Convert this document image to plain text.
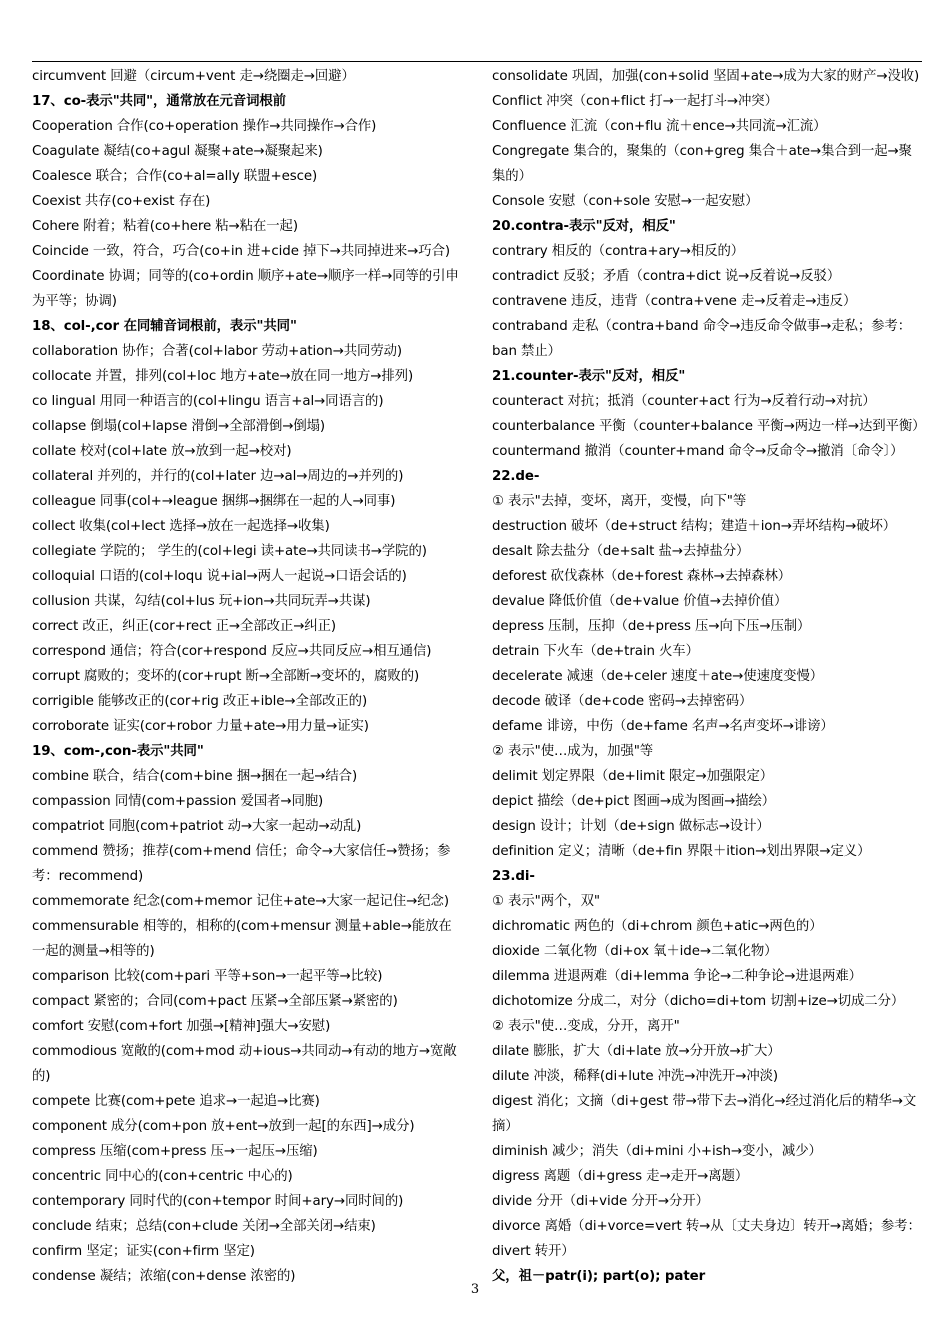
circumvent 回避（circum+vent 走→绕圈走→回避）
17、co-表示"共同"，通常放在元音词根前
Cooperation 合作(co+operation 操作→共同操作→合作)
Coagulate 凝结(co+agul 凝聚+ate→凝聚起来)
Coalesce 联合；合作(co+al=ally 联盟+esce)
Coexist 共存(co+exist 存在)
Cohere 附着；粘着(co+here 粘→粘在一起)
Coincide 一致，符合，巧合(co+in 进+cide 掉下→共同掉进来→巧合)
Coordinate 协调；同等的(co+ordin 顺序+ate→顺序一样→同等的引申为平等；协调)
18、col-,cor 在同辅音词根前，表示"共同"
collaboration 协作；合著(col+labor 劳动+ation→共同劳动)
collocate 并置，排列(col+loc 地方+ate→放在同一地方→排列)
co lingual 用同一种语言的(col+lingu 语言+al→同语言的)
collapse 倒塌(col+lapse 滑倒→全部滑倒→倒塌)
collate 校对(col+late 放→放到一起→校对)
collateral 并列的，并行的(col+later 边→al→周边的→并列的)
colleague 同事(col+→league 捆绑→捆绑在一起的人→同事)
collect 收集(col+lect 选择→放在一起选择→收集)
collegiate 学院的； 学生的(col+legi 读+ate→共同读书→学院的)
colloquial 口语的(col+loqu 说+ial→两人一起说→口语会话的)
collusion 共谋，勾结(col+lus 玩+ion→共同玩弄→共谋)
correct 改正，纠正(cor+rect 正→全部改正→纠正)
correspond 通信；符合(cor+respond 反应→共同反应→相互通信)
corrupt 腐败的；变坏的(cor+rupt 断→全部断→变坏的，腐败的)
corrigible 能够改正的(cor+rig 改正+ible→全部改正的)
corroborate 证实(cor+robor 力量+ate→用力量→证实)
19、com-,con-表示"共同"
combine 联合，结合(com+bine 捆→捆在一起→结合)
compassion 同情(com+passion 爱国者→同胞)
compatriot 同胞(com+patriot 动→大家一起动→动乱)
commend 赞扬；推荐(com+mend 信任；命令→大家信任→赞扬；参考：recommend)
commemorate 纪念(com+memor 记住+ate→大家一起记住→纪念)
commensurable 相等的，相称的(com+mensur 测量+able→能放在一起的测量→相等的)
comparison 比较(com+pari 平等+son→一起平等→比较)
compact 紧密的；合同(com+pact 压紧→全部压紧→紧密的)
comfort 安慰(com+fort 加强→[精神]强大→安慰)
commodious 宽敞的(com+mod 动+ious→共同动→有动的地方→宽敞的)
compete 比赛(com+pete 追求→一起追→比赛)
component 成分(com+pon 放+ent→放到一起[的东西]→成分)
compress 压缩(com+press 压→一起压→压缩)
concentric 同中心的(con+centric 中心的)
contemporary 同时代的(con+tempor 时间+ary→同时间的)
conclude 结束；总结(con+clude 关闭→全部关闭→结束)
confirm 坚定；证实(con+firm 坚定)
condense 凝结；浓缩(con+dense 浓密的)
consolidate 巩固，加强(con+solid 坚固+ate→成为大家的财产→没收)
Conflict 冲突（con+flict 打→一起打斗→冲突）
Confluence 汇流（con+flu 流＋ence→共同流→汇流）
Congregate 集合的，聚集的（con+greg 集合＋ate→集合到一起→聚集的）
Console 安慰（con+sole 安慰→一起安慰）
20.contra-表示"反对，相反"
contrary 相反的（contra+ary→相反的）
contradict 反驳；矛盾（contra+dict 说→反着说→反驳）
contravene 违反，违背（contra+vene 走→反着走→违反）
contraband 走私（contra+band 命令→违反命令做事→走私；参考：ban 禁止）
21.counter-表示"反对，相反"
counteract 对抗；抵消（counter+act 行为→反着行动→对抗）
counterbalance 平衡（counter+balance 平衡→两边一样→达到平衡）
countermand 撤消（counter+mand 命令→反命令→撤消〔命令〕）
22.de-
① 表示"去掉，变坏，离开，变慢，向下"等
destruction 破坏（de+struct 结构；建造＋ion→弄坏结构→破坏）
desalt 除去盐分（de+salt 盐→去掉盐分）
deforest 砍伐森林（de+forest 森林→去掉森林）
devalue 降低价值（de+value 价值→去掉价值）
depress 压制，压抑（de+press 压→向下压→压制）
detrain 下火车（de+train 火车）
decelerate 减速（de+celer 速度＋ate→使速度变慢）
decode 破译（de+code 密码→去掉密码）
defame 诽谤，中伤（de+fame 名声→名声变坏→诽谤）
② 表示"使…成为，加强"等
delimit 划定界限（de+limit 限定→加强限定）
depict 描绘（de+pict 图画→成为图画→描绘）
design 设计；计划（de+sign 做标志→设计）
definition 定义；清晰（de+fin 界限＋ition→划出界限→定义）
23.di-
① 表示"两个，双"
dichromatic 两色的（di+chrom 颜色+atic→两色的）
dioxide 二氧化物（di+ox 氧＋ide→二氧化物）
dilemma 进退两难（di+lemma 争论→二种争论→进退两难）
dichotomize 分成二，对分（dicho=di+tom 切割+ize→切成二分）
② 表示"使…变成，分开，离开"
dilate 膨胀，扩大（di+late 放→分开放→扩大）
dilute 冲淡，稀释(di+lute 冲洗→冲洗开→冲淡)
digest 消化；文摘（di+gest 带→带下去→消化→经过消化后的精华→文摘）
diminish 减少；消失（di+mini 小+ish→变小，减少）
digress 离题（di+gress 走→走开→离题）
divide 分开（di+vide 分开→分开）
divorce 离婚（di+vorce=vert 转→从〔丈夫身边〕转开→离婚；参考：divert 转开）
父，祖－patr(i); part(o); pater
3
